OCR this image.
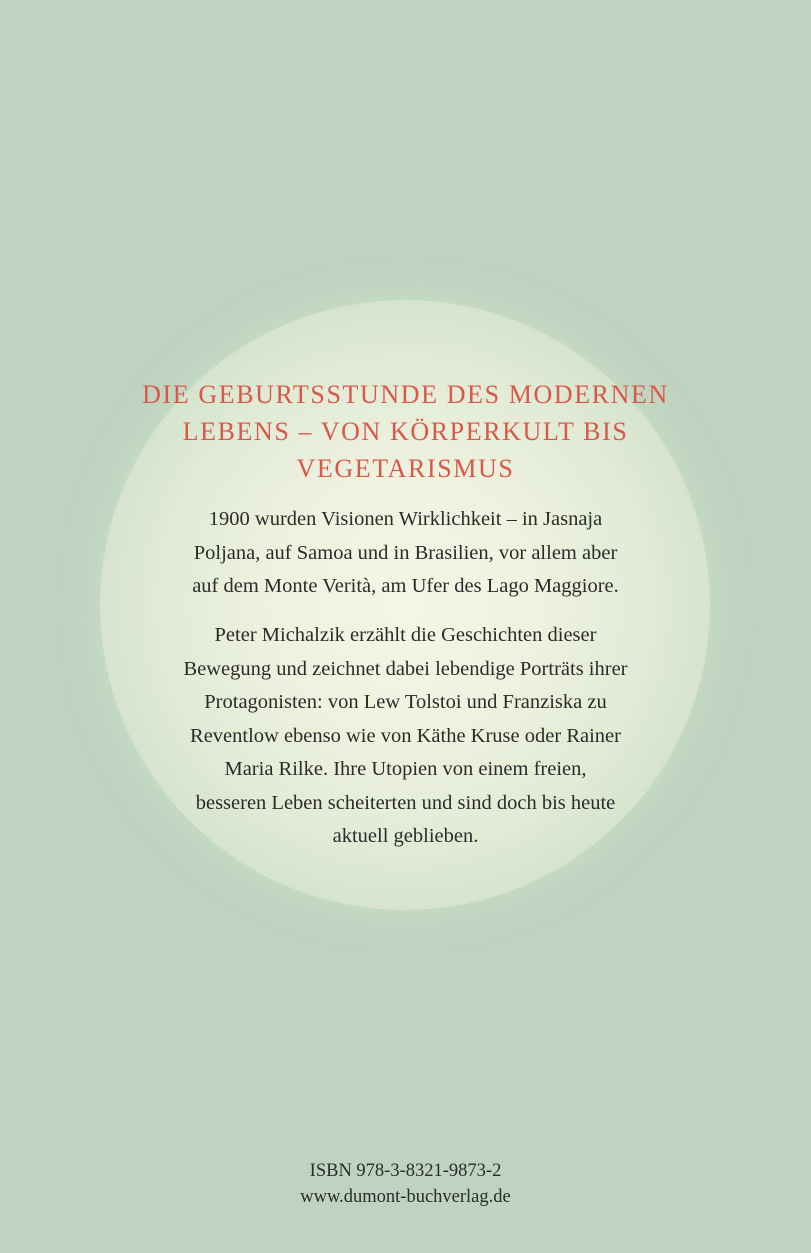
DIE GEBURTSSTUNDE DES MODERNEN
LEBENS – VON KÖRPERKULT BIS
VEGETARISMUS

1900 wurden Visionen Wirklichkeit – in Jasnaja
Poljana, auf Samoa und in Brasilien, vor allem aber
auf dem Monte Verità, am Ufer des Lago Maggiore.

Peter Michalzik erzählt die Geschichten dieser
Bewegung und zeichnet dabei lebendige Porträts ihrer
Protagonisten: von Lew Tolstoi und Franziska zu
Reventlow ebenso wie von Käthe Kruse oder Rainer
Maria Rilke. Ihre Utopien von einem freien,
besseren Leben scheiterten und sind doch bis heute
aktuell geblieben.

ISBN 978-3-8321-9873-2
www.dumont-buchverlag.de
